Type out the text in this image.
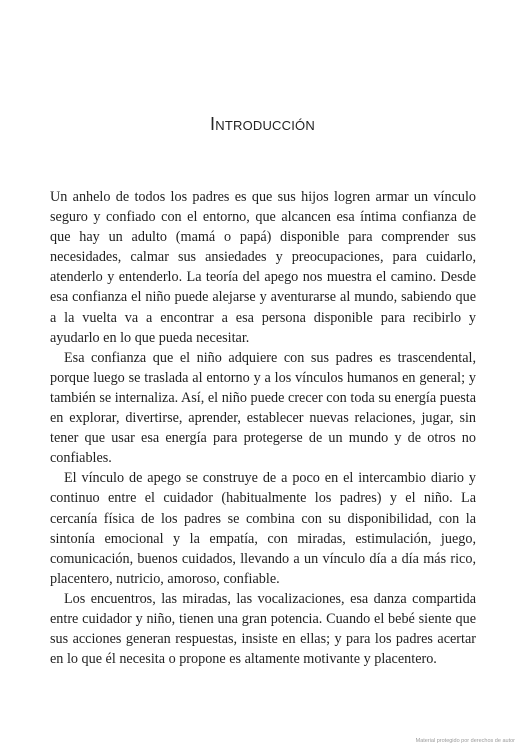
Introducción

Un anhelo de todos los padres es que sus hijos logren armar un vínculo seguro y confiado con el entorno, que alcancen esa íntima confianza de que hay un adulto (mamá o papá) disponible para comprender sus necesidades, calmar sus ansiedades y preocupaciones, para cuidarlo, atenderlo y entenderlo. La teoría del apego nos muestra el camino. Desde esa confianza el niño puede alejarse y aventurarse al mundo, sabiendo que a la vuelta va a encontrar a esa persona disponible para recibirlo y ayudarlo en lo que pueda necesitar.

Esa confianza que el niño adquiere con sus padres es trascendental, porque luego se traslada al entorno y a los vínculos humanos en general; y también se internaliza. Así, el niño puede crecer con toda su energía puesta en explorar, divertirse, aprender, establecer nuevas relaciones, jugar, sin tener que usar esa energía para protegerse de un mundo y de otros no confiables.

El vínculo de apego se construye de a poco en el intercambio diario y continuo entre el cuidador (habitualmente los padres) y el niño. La cercanía física de los padres se combina con su disponibilidad, con la sintonía emocional y la empatía, con miradas, estimulación, juego, comunicación, buenos cuidados, llevando a un vínculo día a día más rico, placentero, nutricio, amoroso, confiable.

Los encuentros, las miradas, las vocalizaciones, esa danza compartida entre cuidador y niño, tienen una gran potencia. Cuando el bebé siente que sus acciones generan respuestas, insiste en ellas; y para los padres acertar en lo que él necesita o propone es altamente motivante y placentero.

Material protegido por derechos de autor
